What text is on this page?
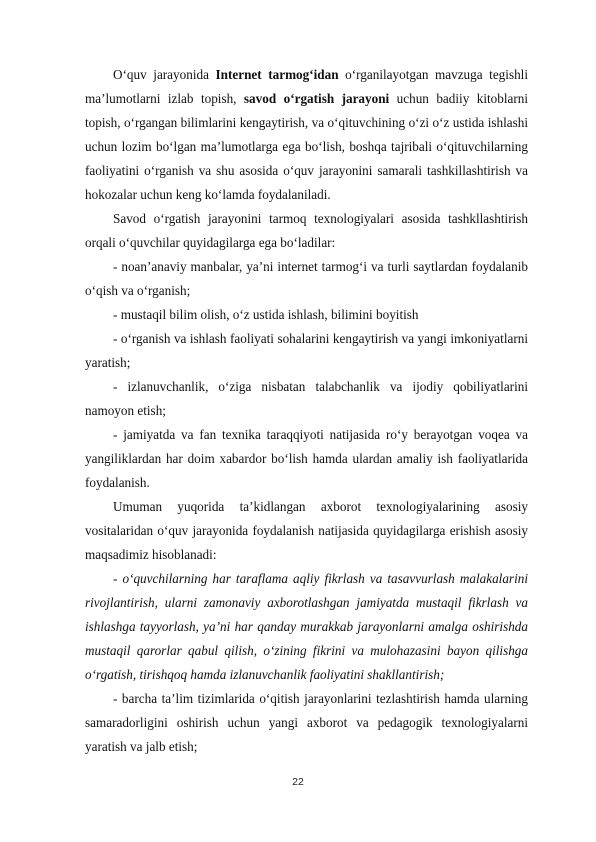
O‘quv jarayonida Internet tarmog‘idan o‘rganilayotgan mavzuga tegishli ma’lumotlarni izlab topish, savod o‘rgatish jarayoni uchun badiiy kitoblarni topish, o‘rgangan bilimlarini kengaytirish, va o‘qituvchining o‘zi o‘z ustida ishlashi uchun lozim bo‘lgan ma’lumotlarga ega bo‘lish, boshqa tajribali o‘qituvchilarning faoliyatini o‘rganish va shu asosida o‘quv jarayonini samarali tashkillashtirish va hokozalar uchun keng ko‘lamda foydalaniladi.

Savod o‘rgatish jarayonini tarmoq texnologiyalari asosida tashkllashtirish orqali o‘quvchilar quyidagilarga ega bo‘ladilar:

- noan’anaviy manbalar, ya’ni internet tarmog‘i va turli saytlardan foydalanib o‘qish va o‘rganish;

- mustaqil bilim olish, o‘z ustida ishlash, bilimini boyitish

- o‘rganish va ishlash faoliyati sohalarini kengaytirish va yangi imkoniyatlarni yaratish;

- izlanuvchanlik, o‘ziga nisbatan talabchanlik va ijodiy qobiliyatlarini namoyon etish;

- jamiyatda va fan texnika taraqqiyoti natijasida ro‘y berayotgan voqea va yangiliklardan har doim xabardor bo‘lish hamda ulardan amaliy ish faoliyatlarida foydalanish.

Umuman yuqorida ta’kidlangan axborot texnologiyalarining asosiy vositalaridan o‘quv jarayonida foydalanish natijasida quyidagilarga erishish asosiy maqsadimiz hisoblanadi:

- o‘quvchilarning har taraflama aqliy fikrlash va tasavvurlash malakalarini rivojlantirish, ularni zamonaviy axborotlashgan jamiyatda mustaqil fikrlash va ishlashga tayyorlash, ya’ni har qanday murakkab jarayonlarni amalga oshirishda mustaqil qarorlar qabul qilish, o‘zining fikrini va mulohazasini bayon qilishga o‘rgatish, tirishqoq hamda izlanuvchanlik faoliyatini shakllantirish;

- barcha ta’lim tizimlarida o‘qitish jarayonlarini tezlashtirish hamda ularning samaradorligini oshirish uchun yangi axborot va pedagogik texnologiyalarni yaratish va jalb etish;

22
